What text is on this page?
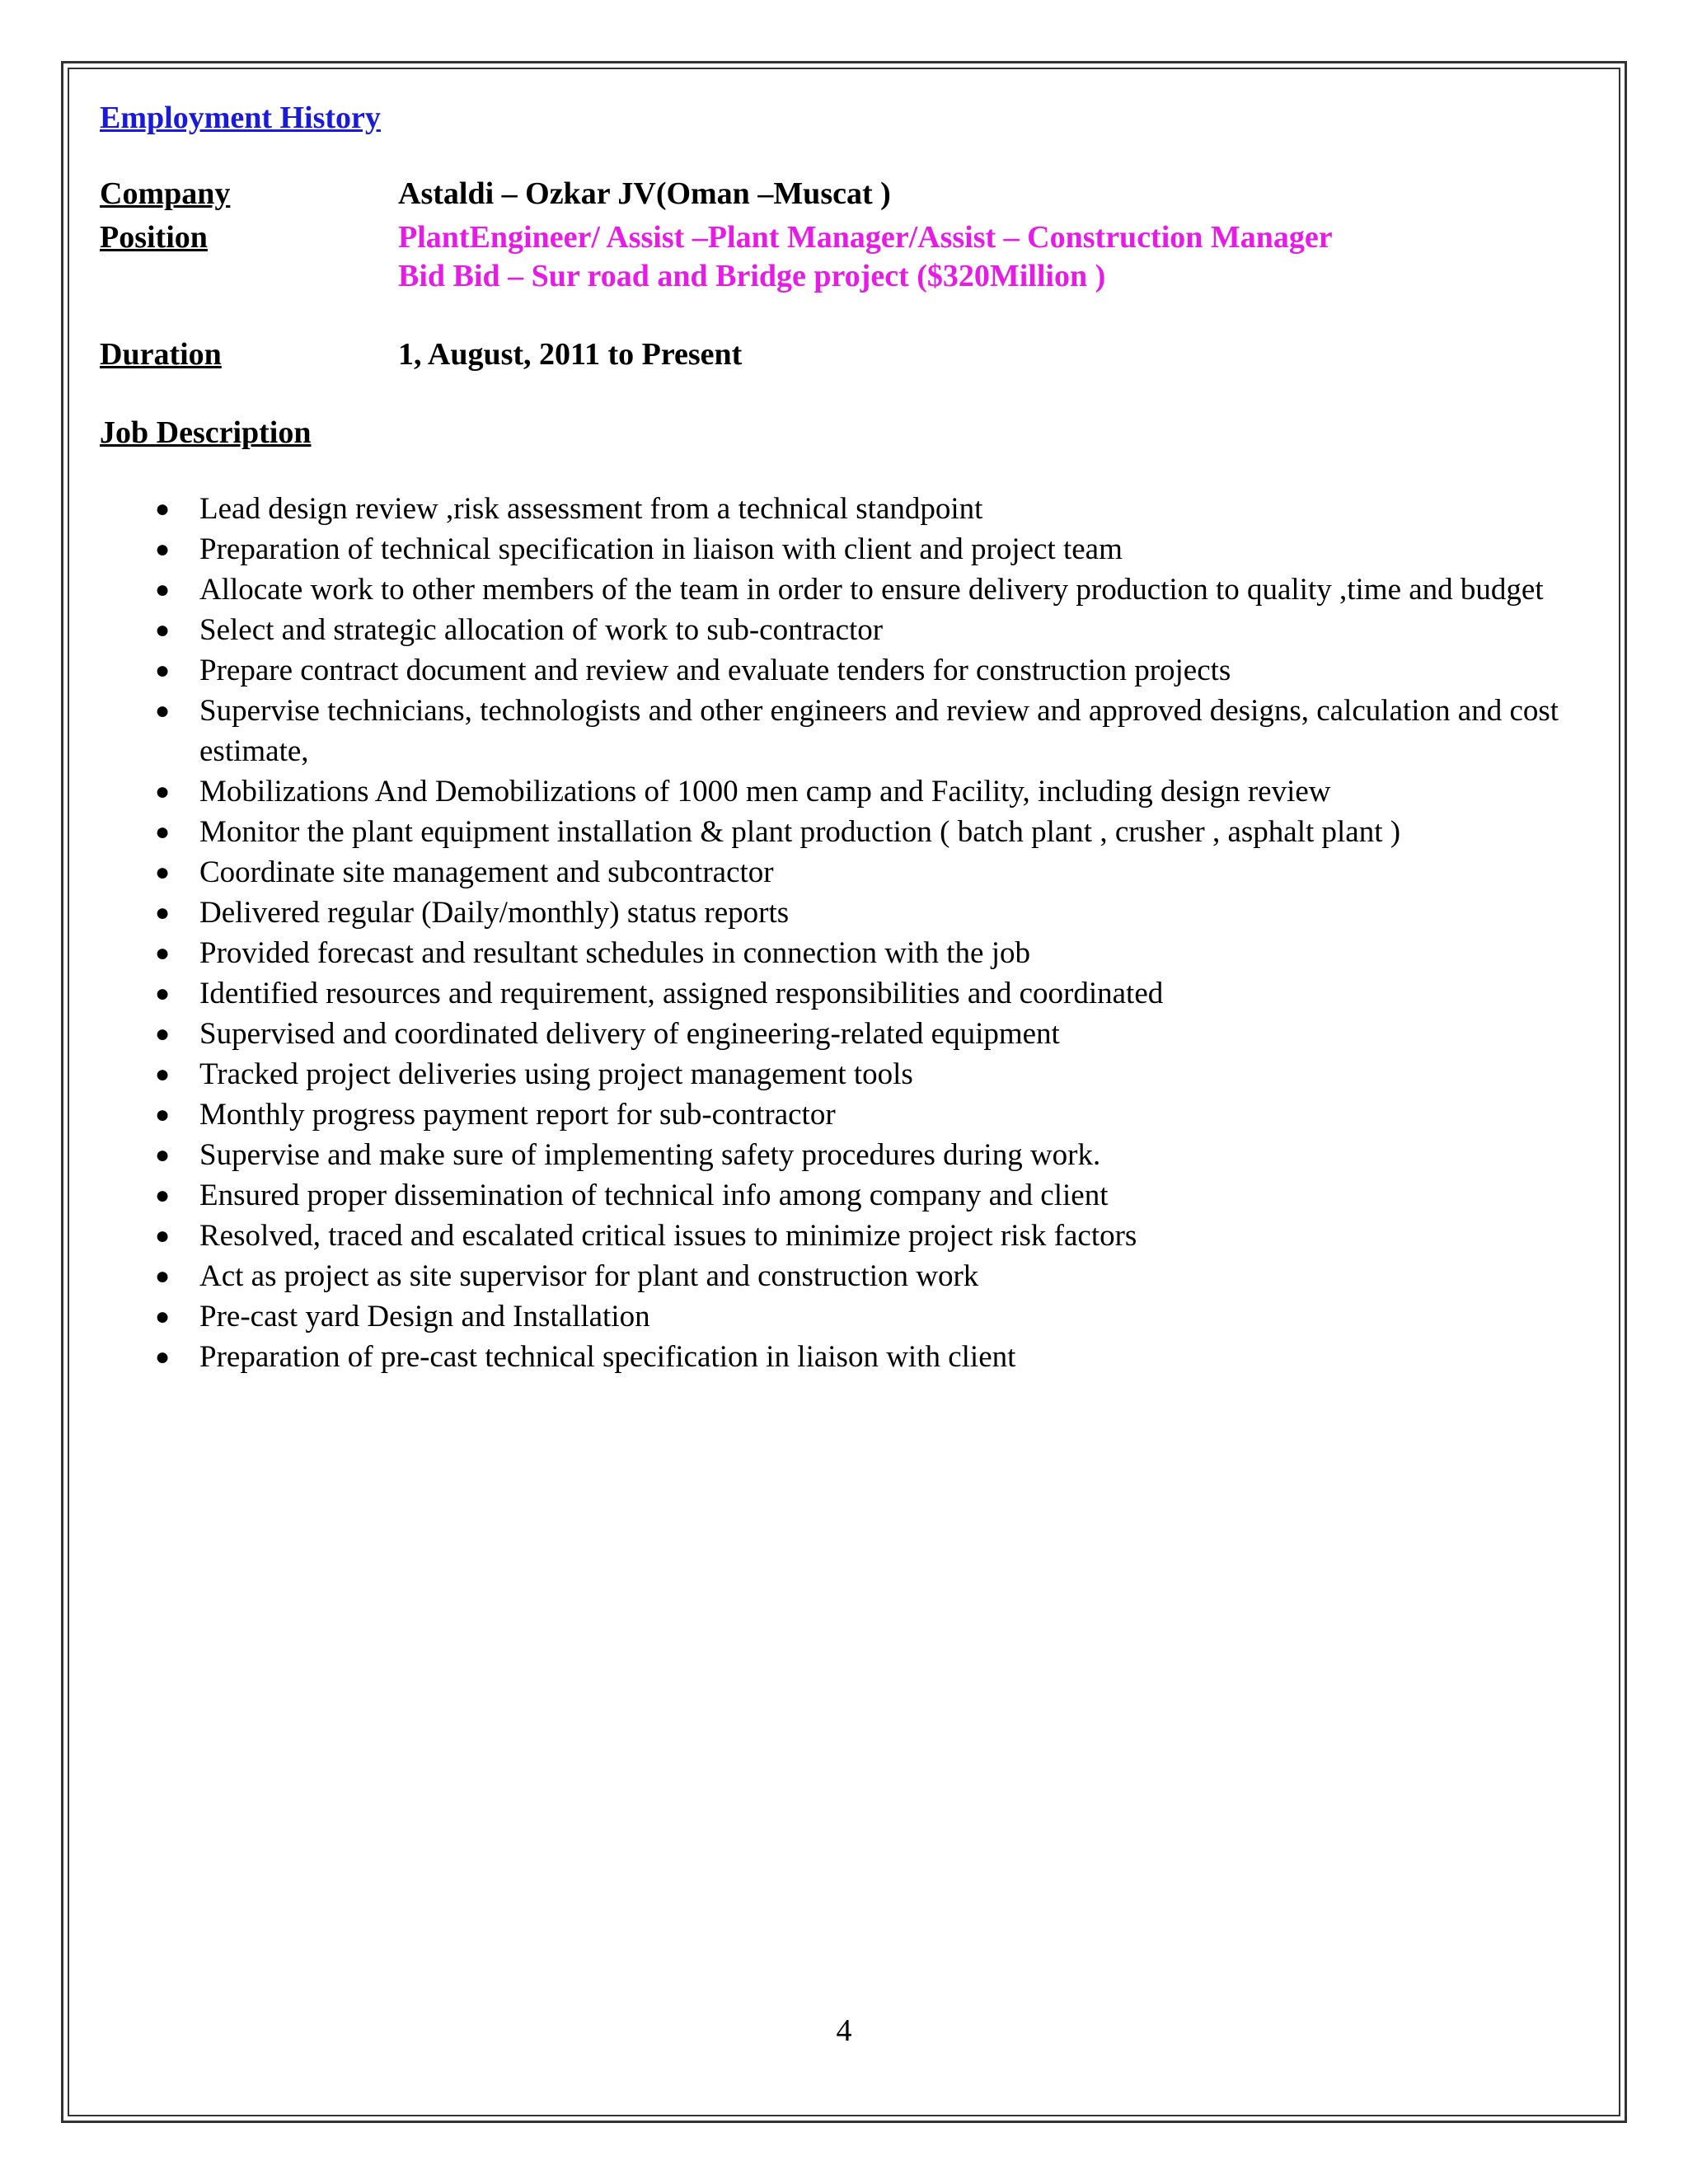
Employment History
Company	Astaldi – Ozkar JV(Oman –Muscat )
Position	PlantEngineer/ Assist –Plant Manager/Assist – Construction Manager
Bid Bid – Sur road and Bridge project ($320Million )
Duration	1, August, 2011 to Present
Job Description
● Lead design review ,risk assessment from a technical standpoint
● Preparation of technical specification in liaison with client and project team
● Allocate work to other members of the team in order to ensure delivery production to quality ,time and budget
● Select and strategic allocation of work to sub-contractor
● Prepare contract document and review and evaluate tenders for construction projects
● Supervise technicians, technologists and other engineers and review and approved designs, calculation and cost estimate,
● Mobilizations And Demobilizations of 1000 men camp and Facility, including design review
● Monitor the plant equipment installation & plant production ( batch plant , crusher , asphalt plant )
● Coordinate site management and subcontractor
● Delivered regular (Daily/monthly) status reports
● Provided forecast and resultant schedules in connection with the job
● Identified resources and requirement, assigned responsibilities and coordinated
● Supervised and coordinated delivery of engineering-related equipment
● Tracked project deliveries using project management tools
● Monthly progress payment report for sub-contractor
● Supervise and make sure of implementing safety procedures during work.
● Ensured proper dissemination of technical info among company and client
● Resolved, traced and escalated critical issues to minimize project risk factors
● Act as project as site supervisor for plant and construction work
● Pre-cast yard Design and Installation
● Preparation of pre-cast technical specification in liaison with client
4
